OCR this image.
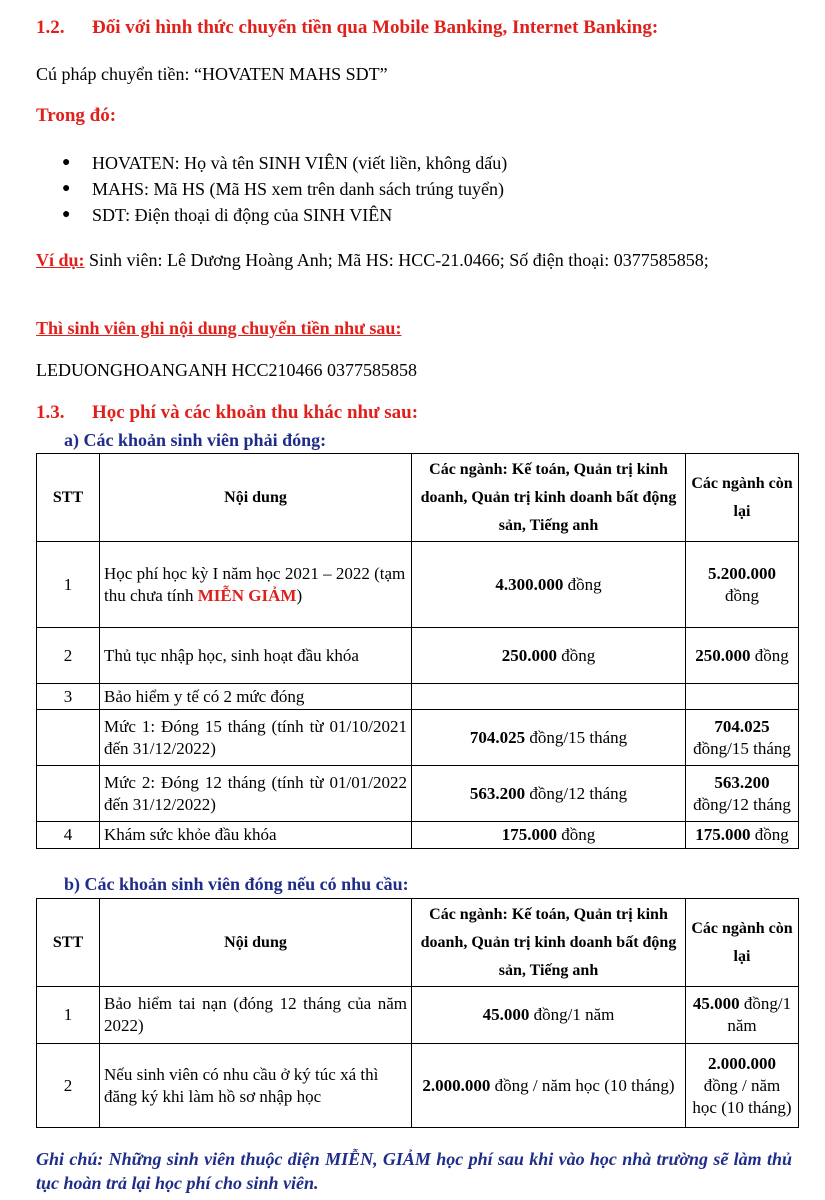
1.2. Đối với hình thức chuyển tiền qua Mobile Banking, Internet Banking:
Cú pháp chuyển tiền: “HOVATEN MAHS SDT”
Trong đó:
● HOVATEN: Họ và tên SINH VIÊN (viết liền, không dấu)
● MAHS: Mã HS (Mã HS xem trên danh sách trúng tuyển)
● SDT: Điện thoại di động của SINH VIÊN
Ví dụ: Sinh viên: Lê Dương Hoàng Anh; Mã HS: HCC-21.0466; Số điện thoại: 0377585858;
Thì sinh viên ghi nội dung chuyển tiền như sau:
LEDUONGHOANGANH HCC210466 0377585858
1.3. Học phí và các khoản thu khác như sau:
a) Các khoản sinh viên phải đóng:
STT	Nội dung	Các ngành: Kế toán, Quản trị kinh doanh, Quản trị kinh doanh bất động sản, Tiếng anh	Các ngành còn lại
1	Học phí học kỳ I năm học 2021 – 2022 (tạm thu chưa tính MIỄN GIẢM)	4.300.000 đồng	5.200.000 đồng
2	Thủ tục nhập học, sinh hoạt đầu khóa	250.000 đồng	250.000 đồng
3	Bảo hiểm y tế có 2 mức đóng		
	Mức 1: Đóng 15 tháng (tính từ 01/10/2021 đến 31/12/2022)	704.025 đồng/15 tháng	704.025 đồng/15 tháng
	Mức 2: Đóng 12 tháng (tính từ 01/01/2022 đến 31/12/2022)	563.200 đồng/12 tháng	563.200 đồng/12 tháng
4	Khám sức khỏe đầu khóa	175.000 đồng	175.000 đồng
b) Các khoản sinh viên đóng nếu có nhu cầu:
STT	Nội dung	Các ngành: Kế toán, Quản trị kinh doanh, Quản trị kinh doanh bất động sản, Tiếng anh	Các ngành còn lại
1	Bảo hiểm tai nạn (đóng 12 tháng của năm 2022)	45.000 đồng/1 năm	45.000 đồng/1 năm
2	Nếu sinh viên có nhu cầu ở ký túc xá thì đăng ký khi làm hồ sơ nhập học	2.000.000 đồng / năm học (10 tháng)	2.000.000 đồng / năm học (10 tháng)
Ghi chú: Những sinh viên thuộc diện MIỄN, GIẢM học phí sau khi vào học nhà trường sẽ làm thủ tục hoàn trả lại học phí cho sinh viên.
